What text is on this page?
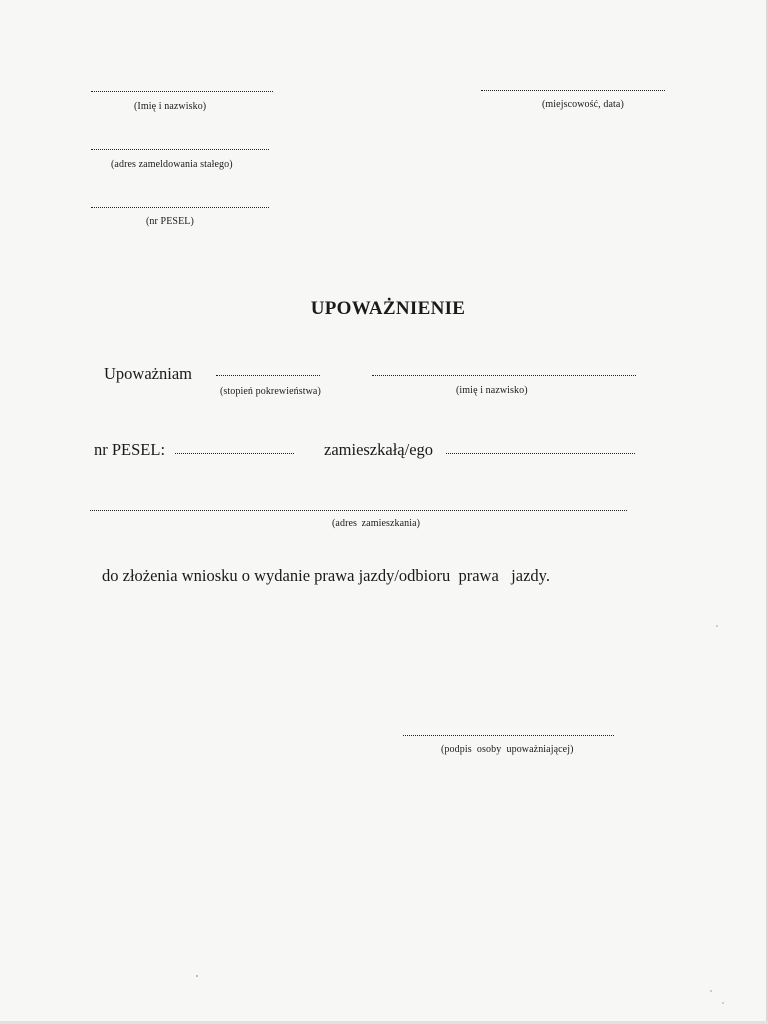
(Imię i nazwisko)	(miejscowość, data)
(adres zameldowania stałego)
(nr PESEL)
UPOWAŻNIENIE
Upoważniam
(stopień pokrewieństwa)	(imię i nazwisko)
nr PESEL:	zamieszkałą/ego
(adres zamieszkania)
do złożenia wniosku o wydanie prawa jazdy/odbioru  prawa   jazdy.
(podpis  osoby  upoważniającej)
